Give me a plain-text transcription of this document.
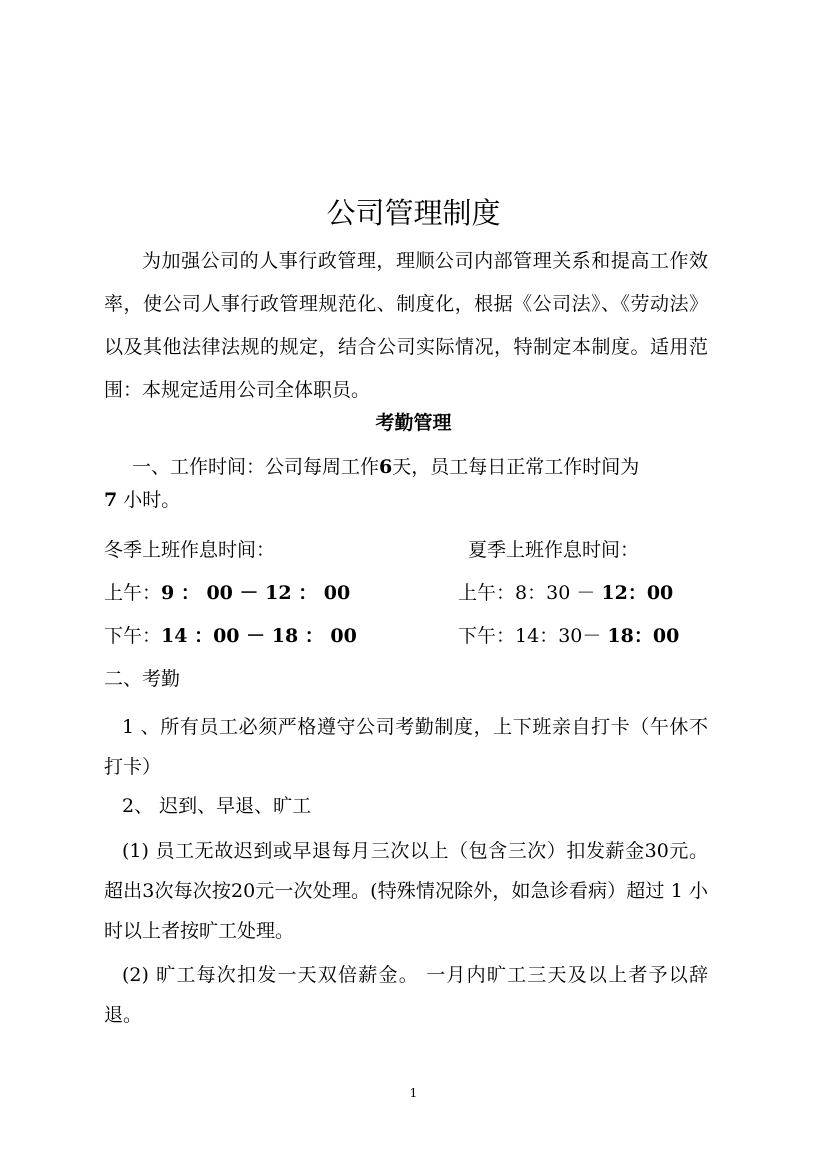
公司管理制度
为加强公司的人事行政管理，理顺公司内部管理关系和提高工作效率，使公司人事行政管理规范化、制度化，根据《公司法》、《劳动法》以及其他法律法规的规定，结合公司实际情况，特制定本制度。适用范围：本规定适用公司全体职员。
考勤管理
一、工作时间：公司每周工作6天，员工每日正常工作时间为
7 小时。
冬季上班作息时间：	夏季上班作息时间：
上午：9 ： 00 － 12 ： 00	上午：8：30 － 12：00
下午：14 ：00 － 18 ： 00	下午：14：30－ 18：00
二、考勤
1 、所有员工必须严格遵守公司考勤制度，上下班亲自打卡（午休不打卡）
2、 迟到、早退、旷工
(1) 员工无故迟到或早退每月三次以上（包含三次）扣发薪金30元。超出3次每次按20元一次处理。(特殊情况除外，如急诊看病）超过 1 小时以上者按旷工处理。
(2) 旷工每次扣发一天双倍薪金。 一月内旷工三天及以上者予以辞退。
1
